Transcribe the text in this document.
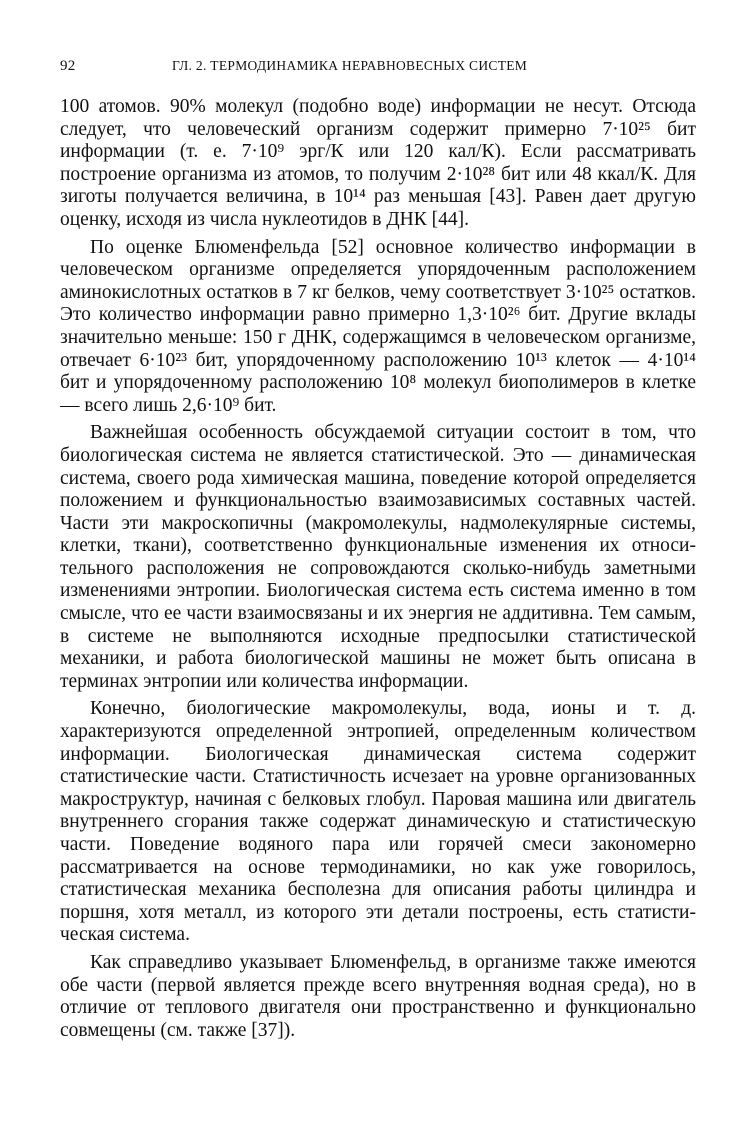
92	ГЛ. 2. ТЕРМОДИНАМИКА НЕРАВНОВЕСНЫХ СИСТЕМ

100 атомов. 90% молекул (подобно воде) информации не несут. Отсюда следует, что человеческий организм содержит примерно 7·10²⁵ бит информации (т. е. 7·10⁹ эрг/К или 120 кал/К). Если рассматривать построение организма из атомов, то получим 2·10²⁸ бит или 48 ккал/К. Для зиготы получается величина, в 10¹⁴ раз меньшая [43]. Равен дает другую оценку, исходя из числа нуклеотидов в ДНК [44].

По оценке Блюменфельда [52] основное количество информации в человеческом организме определяется упорядоченным расположением аминокислотных остатков в 7 кг белков, чему соответствует 3·10²⁵ остатков. Это количество информации равно примерно 1,3·10²⁶ бит. Другие вклады значительно меньше: 150 г ДНК, содержащимся в человеческом организме, отвечает 6·10²³ бит, упорядоченному расположению 10¹³ клеток — 4·10¹⁴ бит и упорядоченному расположению 10⁸ молекул биополимеров в клетке — всего лишь 2,6·10⁹ бит.

Важнейшая особенность обсуждаемой ситуации состоит в том, что биологическая система не является статистической. Это — динамическая система, своего рода химическая машина, поведение которой определяется положением и функциональностью взаимозависимых составных частей. Части эти макроскопичны (макромолекулы, надмолекулярные системы, клетки, ткани), соответственно функциональные изменения их относительного расположения не сопровождаются сколько-нибудь заметными изменениями энтропии. Биологическая система есть система именно в том смысле, что ее части взаимосвязаны и их энергия не аддитивна. Тем самым, в системе не выполняются исходные предпосылки статистической механики, и работа биологической машины не может быть описана в терминах энтропии или количества информации.

Конечно, биологические макромолекулы, вода, ионы и т. д. характеризуются определенной энтропией, определенным количеством информации. Биологическая динамическая система содержит статистические части. Статистичность исчезает на уровне организованных макроструктур, начиная с белковых глобул. Паровая машина или двигатель внутреннего сгорания также содержат динамическую и статистическую части. Поведение водяного пара или горячей смеси закономерно рассматривается на основе термодинамики, но как уже говорилось, статистическая механика бесполезна для описания работы цилиндра и поршня, хотя металл, из которого эти детали построены, есть статистическая система.

Как справедливо указывает Блюменфельд, в организме также имеются обе части (первой является прежде всего внутренняя водная среда), но в отличие от теплового двигателя они пространственно и функционально совмещены (см. также [37]).
